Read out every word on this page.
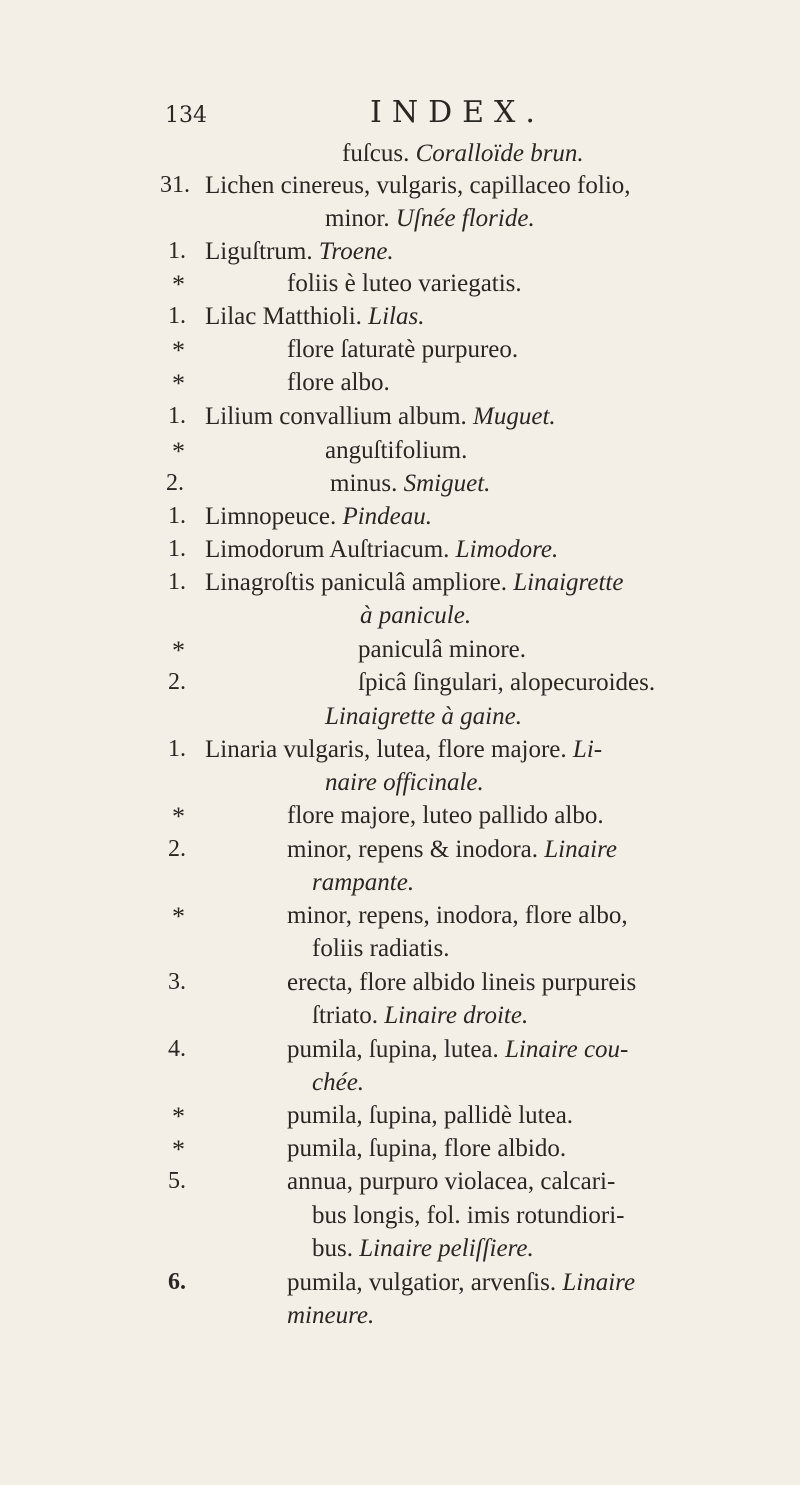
134	INDEX.
fuſcus. Coralloïde brun.
31. Lichen cinereus, vulgaris, capillaceo folio,
minor. Uſnée floride.
1. Liguſtrum. Troene.
*	foliis è luteo variegatis.
1. Lilac Matthioli. Lilas.
*	flore ſaturatè purpureo.
*	flore albo.
1. Lilium convallium album. Muguet.
*	anguſtifolium.
2.	minus. Smiguet.
1. Limnopeuce. Pindeau.
1. Limodorum Auſtriacum. Limodore.
1. Linagroſtis paniculâ ampliore. Linaigrette
à panicule.
*	paniculâ minore.
2.	ſpicâ ſingulari, alopecuroides.
Linaigrette à gaine.
1. Linaria vulgaris, lutea, flore majore. Li-
naire officinale.
*	flore majore, luteo pallido albo.
2.	minor, repens & inodora. Linaire
rampante.
*	minor, repens, inodora, flore albo,
foliis radiatis.
3.	erecta, flore albido lineis purpureis
ſtriato. Linaire droite.
4.	pumila, ſupina, lutea. Linaire cou-
chée.
*	pumila, ſupina, pallidè lutea.
*	pumila, ſupina, flore albido.
5.	annua, purpuro violacea, calcari-
bus longis, fol. imis rotundiori-
bus. Linaire peliſſiere.
6.	pumila, vulgatior, arvenſis. Linaire
mineure.
